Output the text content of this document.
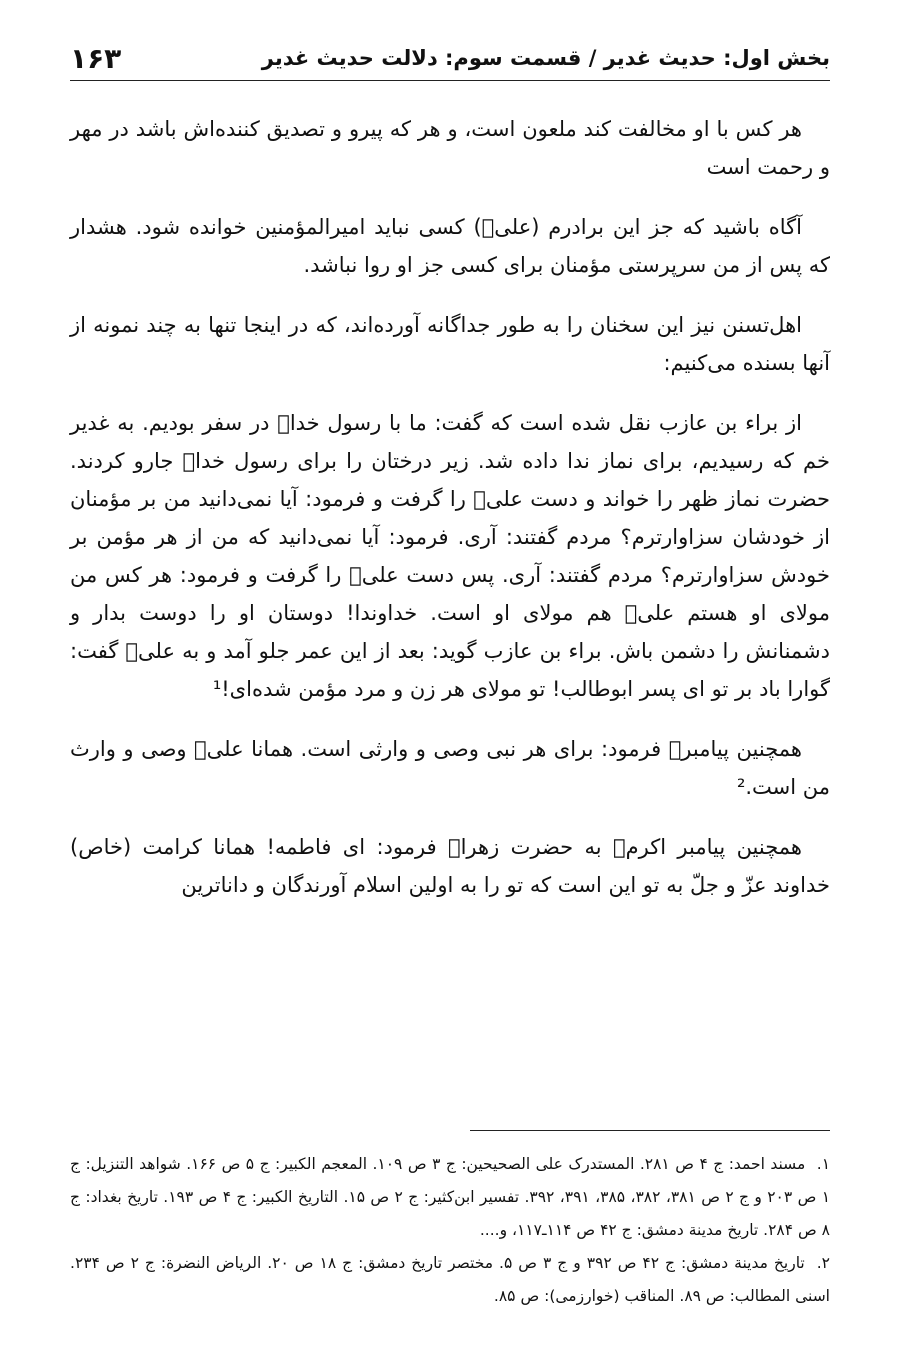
۱۶۳	بخش اول: حدیث غدیر / قسمت سوم: دلالت حدیث غدیر

هر کس با او مخالفت کند ملعون است، و هر که پیرو و تصدیق کننده‌اش باشد در مهر و رحمت است

آگاه باشید که جز این برادرم (علیؑ) کسی نباید امیرالمؤمنین خوانده شود. هشدار که پس از من سرپرستی مؤمنان برای کسی جز او روا نباشد.

اهل‌تسنن نیز این سخنان را به طور جداگانه آورده‌اند، که در اینجا تنها به چند نمونه از آنها بسنده می‌کنیم:

از براء بن عازب نقل شده است که گفت: ما با رسول خداﷺ در سفر بودیم. به غدیر خم که رسیدیم، برای نماز ندا داده شد. زیر درختان را برای رسول خداﷺ جارو کردند. حضرت نماز ظهر را خواند و دست علیؑ را گرفت و فرمود: آیا نمی‌دانید من بر مؤمنان از خودشان سزاوارترم؟ مردم گفتند: آری. فرمود: آیا نمی‌دانید که من از هر مؤمن بر خودش سزاوارترم؟ مردم گفتند: آری. پس دست علیؑ را گرفت و فرمود: هر کس من مولای او هستم علیؑ هم مولای او است. خداوندا! دوستان او را دوست بدار و دشمنانش را دشمن باش. براء بن عازب گوید: بعد از این عمر جلو آمد و به علیؑ گفت: گوارا باد بر تو ای پسر ابوطالب! تو مولای هر زن و مرد مؤمن شده‌ای!¹

همچنین پیامبرﷺ فرمود: برای هر نبی وصی و وارثی است. همانا علیؑ وصی و وارث من است.²

همچنین پیامبر اکرمﷺ به حضرت زهراؑ فرمود: ای فاطمه! همانا کرامت (خاص) خداوند عزّ و جلّ به تو این است که تو را به اولین اسلام آورندگان و داناترین

۱. مسند احمد: ج ۴ ص ۲۸۱. المستدرک علی الصحیحین: ج ۳ ص ۱۰۹. المعجم الکبیر: ج ۵ ص ۱۶۶. شواهد التنزیل: ج ۱ ص ۲۰۳ و ج ۲ ص ۳۸۱، ۳۸۲، ۳۸۵، ۳۹۱، ۳۹۲. تفسیر ابن‌کثیر: ج ۲ ص ۱۵. التاریخ الکبیر: ج ۴ ص ۱۹۳. تاریخ بغداد: ج ۸ ص ۲۸۴. تاریخ مدینة دمشق: ج ۴۲ ص ۱۱۴ـ۱۱۷، و....

۲. تاریخ مدینة دمشق: ج ۴۲ ص ۳۹۲ و ج ۳ ص ۵. مختصر تاریخ دمشق: ج ۱۸ ص ۲۰. الریاض النضرة: ج ۲ ص ۲۳۴. اسنی المطالب: ص ۸۹. المناقب (خوارزمی): ص ۸۵.
